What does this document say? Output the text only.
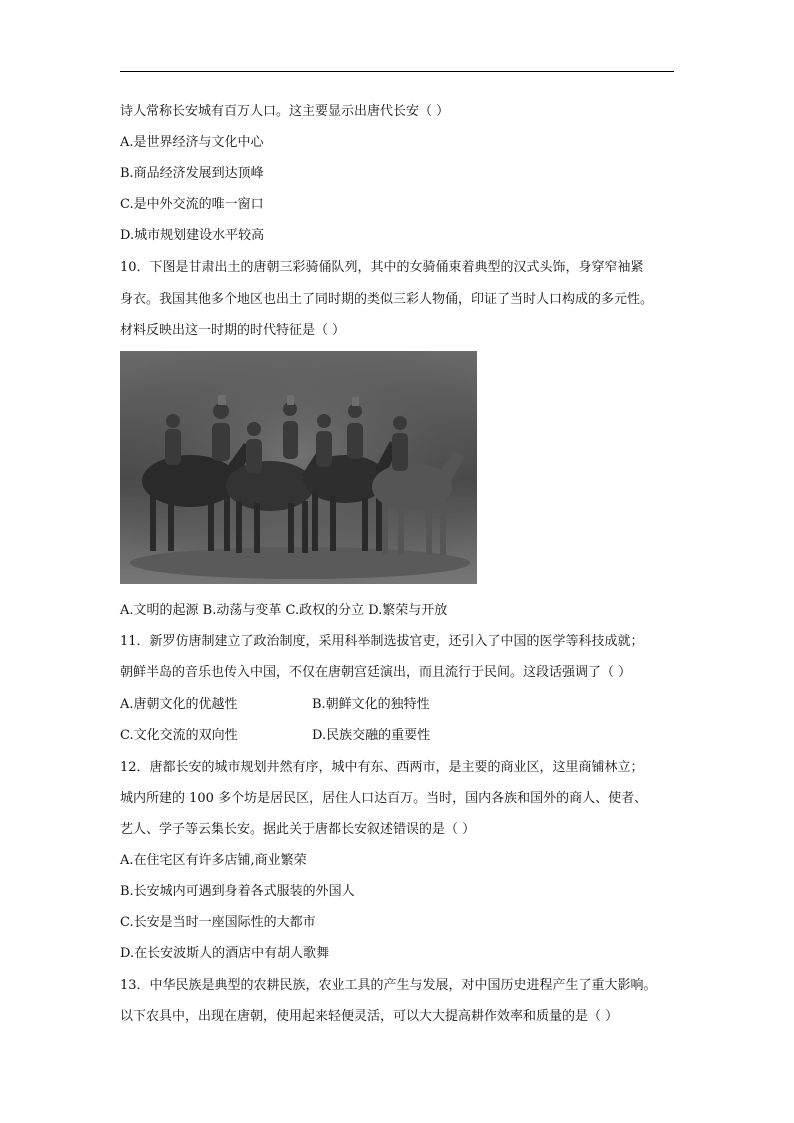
诗人常称长安城有百万人口。这主要显示出唐代长安（ ）
A.是世界经济与文化中心
B.商品经济发展到达顶峰
C.是中外交流的唯一窗口
D.城市规划建设水平较高
10．下图是甘肃出土的唐朝三彩骑俑队列，其中的女骑俑束着典型的汉式头饰，身穿窄袖紧
身衣。我国其他多个地区也出土了同时期的类似三彩人物俑，印证了当时人口构成的多元性。
材料反映出这一时期的时代特征是（ ）
A.文明的起源 B.动荡与变革 C.政权的分立 D.繁荣与开放
11．新罗仿唐制建立了政治制度，采用科举制选拔官吏，还引入了中国的医学等科技成就；
朝鲜半岛的音乐也传入中国，不仅在唐朝宫廷演出，而且流行于民间。这段话强调了（ ）
A.唐朝文化的优越性	B.朝鲜文化的独特性
C.文化交流的双向性	D.民族交融的重要性
12．唐都长安的城市规划井然有序，城中有东、西两市，是主要的商业区，这里商铺林立；
城内所建的 100 多个坊是居民区，居住人口达百万。当时，国内各族和国外的商人、使者、
艺人、学子等云集长安。据此关于唐都长安叙述错误的是（ ）
A.在住宅区有许多店铺,商业繁荣
B.长安城内可遇到身着各式服装的外国人
C.长安是当时一座国际性的大都市
D.在长安波斯人的酒店中有胡人歌舞
13．中华民族是典型的农耕民族，农业工具的产生与发展，对中国历史进程产生了重大影响。
以下农具中，出现在唐朝，使用起来轻便灵活，可以大大提高耕作效率和质量的是（ ）
